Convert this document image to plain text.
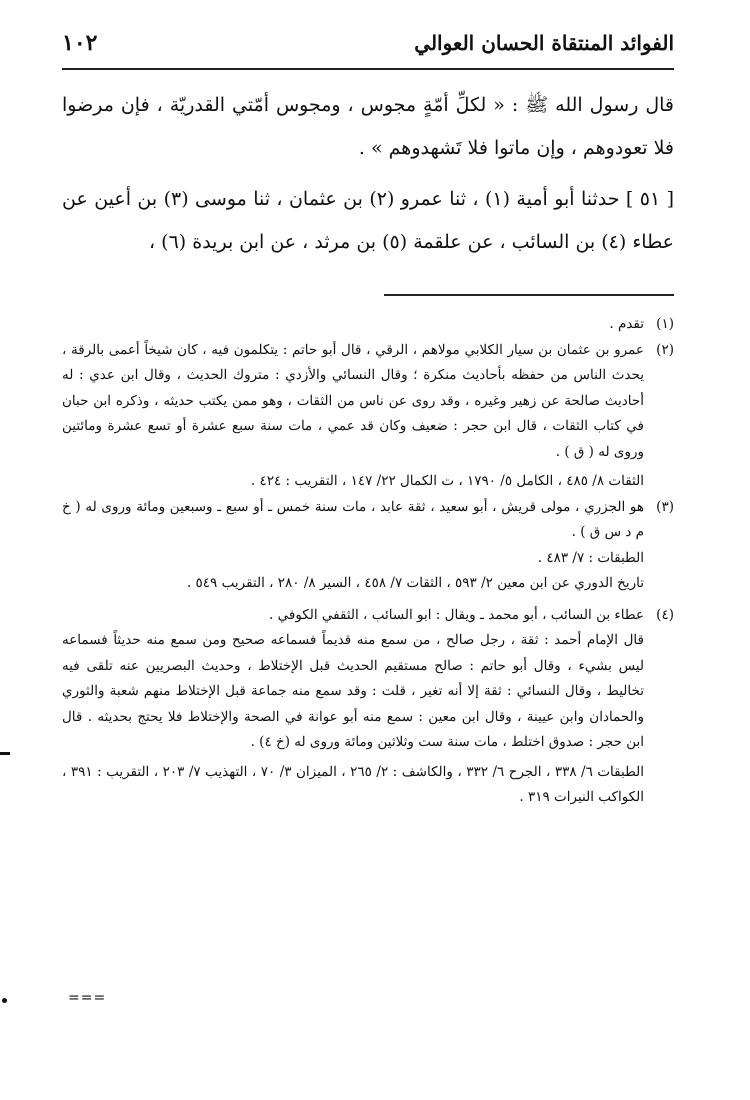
الفوائد المنتقاة الحسان العوالي
١٠٢

قال رسول الله ﷺ : « لكلِّ أمّةٍ مجوس ، ومجوس أمّتي القدريّة ، فإن مرضوا فلا تعودوهم ، وإن ماتوا فلا تَشهدوهم » .

[ ٥١ ] حدثنا أبو أمية (١) ، ثنا عمرو (٢) بن عثمان ، ثنا موسى (٣) بن أعين عن عطاء (٤) بن السائب ، عن علقمة (٥) بن مرثد ، عن ابن بريدة (٦) ،

(١)

تقدم .

(٢)

عمرو بن عثمان بن سيار الكلابي مولاهم ، الرقي ، قال أبو حاتم : يتكلمون فيه ، كان شيخاً أعمى بالرقة ، يحدث الناس من حفظه بأحاديث منكرة ؛ وقال النسائي والأزدي : متروك الحديث ، وقال ابن عدي : له أحاديث صالحة عن زهير وغيره ، وقد روى عن ناس من الثقات ، وهو ممن يكتب حديثه ، وذكره ابن حبان في كتاب الثقات ، قال ابن حجر : ضعيف وكان قد عمي ، مات سنة سبع عشرة أو تسع عشرة ومائتين وروى له ( ق ) .

الثقات ٨/ ٤٨٥ ، الكامل ٥/ ١٧٩٠ ، ت الكمال ٢٢/ ١٤٧ ، التقريب : ٤٢٤ .

(٣)

هو الجزري ، مولى قريش ، أبو سعيد ، ثقة عابد ، مات سنة خمس ـ أو سبع ـ وسبعين ومائة وروى له ( خ م د س ق ) .

الطبقات : ٧/ ٤٨٣ .

تاريخ الدوري عن ابن معين ٢/ ٥٩٣ ، الثقات ٧/ ٤٥٨ ، السير ٨/ ٢٨٠ ، التقريب ٥٤٩ .

(٤)

عطاء بن السائب ، أبو محمد ـ ويقال : ابو السائب ، الثقفي الكوفي .

قال الإمام أحمد : ثقة ، رجل صالح ، من سمع منه قديماً فسماعه صحيح ومن سمع منه حديثاً فسماعه ليس بشيء ، وقال أبو حاتم : صالح مستقيم الحديث قبل الإختلاط ، وحديث البصريين عنه تلقى فيه تخاليط ، وقال النسائي : ثقة إلا أنه تغير ، قلت : وقد سمع منه جماعة قبل الإختلاط منهم شعبة والثوري والحمادان وابن عيينة ، وقال ابن معين : سمع منه أبو عوانة في الصحة والإختلاط فلا يحتج بحديثه . قال ابن حجر : صدوق اختلط ، مات سنة ست وثلاثين ومائة وروى له (خ ٤) .

الطبقات ٦/ ٣٣٨ ، الجرح ٦/ ٣٣٢ ، والكاشف : ٢/ ٢٦٥ ، الميزان ٣/ ٧٠ ، التهذيب ٧/ ٢٠٣ ، التقريب : ٣٩١ ، الكواكب النيرات ٣١٩ .

===
